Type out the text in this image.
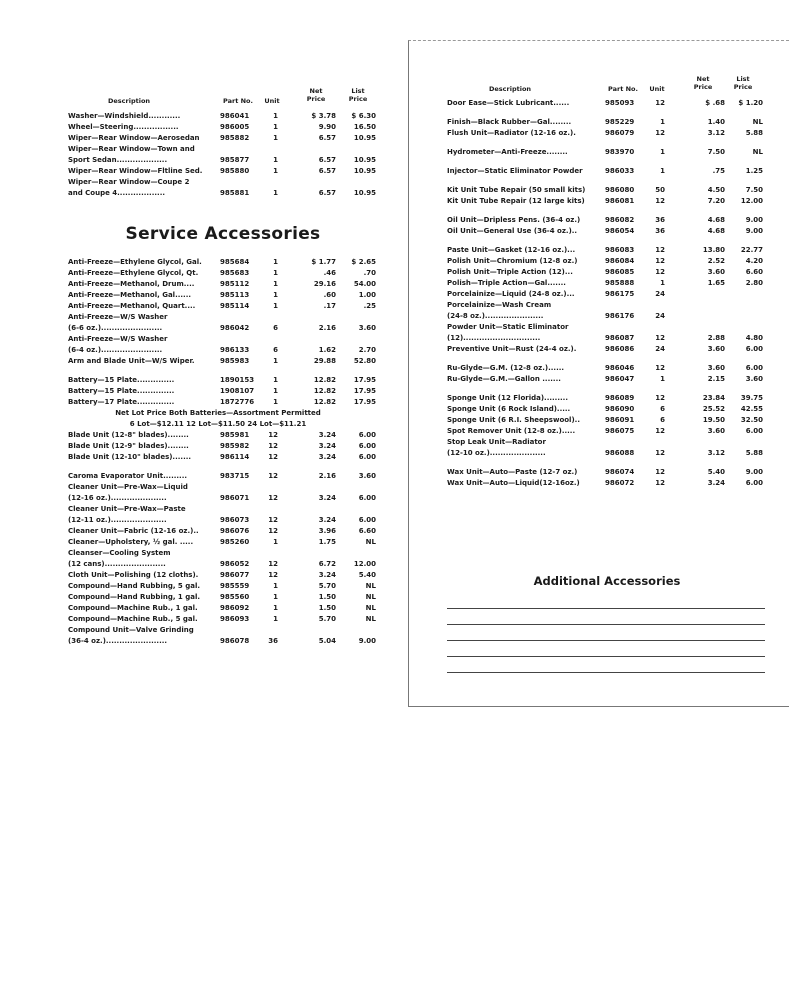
Description	Part No.	Unit
Net Price
List Price
Washer—Windshield............	986041	1	$ 3.78	$ 6.30
Wheel—Steering.................	986005	1	9.90	16.50
Wiper—Rear Window—Aerosedan	985882	1	6.57	10.95
Wiper—Rear Window—Town and
Sport Sedan...................	985877	1	6.57	10.95
Wiper—Rear Window—Fltline Sed.	985880	1	6.57	10.95
Wiper—Rear Window—Coupe 2
and Coupe 4..................	985881	1	6.57	10.95
Service Accessories
Anti-Freeze—Ethylene Glycol, Gal.	985684	1	$ 1.77	$ 2.65
Anti-Freeze—Ethylene Glycol, Qt.	985683	1	.46	.70
Anti-Freeze—Methanol, Drum....	985112	1	29.16	54.00
Anti-Freeze—Methanol, Gal......	985113	1	.60	1.00
Anti-Freeze—Methanol, Quart....	985114	1	.17	.25
Anti-Freeze—W/S Washer
(6-6 oz.).......................	986042	6	2.16	3.60
Anti-Freeze—W/S Washer
(6-4 oz.).......................	986133	6	1.62	2.70
Arm and Blade Unit—W/S Wiper.	985983	1	29.88	52.80
Battery—15 Plate..............	1890153	1	12.82	17.95
Battery—15 Plate..............	1908107	1	12.82	17.95
Battery—17 Plate..............	1872776	1	12.82	17.95
Net Lot Price Both Batteries—Assortment Permitted
6 Lot—$12.11 12 Lot—$11.50 24 Lot—$11.21
Blade Unit (12-8" blades)........	985981	12	3.24	6.00
Blade Unit (12-9" blades)........	985982	12	3.24	6.00
Blade Unit (12-10" blades).......	986114	12	3.24	6.00
Caroma Evaporator Unit.........	983715	12	2.16	3.60
Cleaner Unit—Pre-Wax—Liquid
(12-16 oz.).....................	986071	12	3.24	6.00
Cleaner Unit—Pre-Wax—Paste
(12-11 oz.).....................	986073	12	3.24	6.00
Cleaner Unit—Fabric (12-16 oz.)..	986076	12	3.96	6.60
Cleaner—Upholstery, ½ gal. .....	985260	1	1.75	NL
Cleanser—Cooling System
(12 cans).......................	986052	12	6.72	12.00
Cloth Unit—Polishing (12 cloths).	986077	12	3.24	5.40
Compound—Hand Rubbing, 5 gal.	985559	1	5.70	NL
Compound—Hand Rubbing, 1 gal.	985560	1	1.50	NL
Compound—Machine Rub., 1 gal.	986092	1	1.50	NL
Compound—Machine Rub., 5 gal.	986093	1	5.70	NL
Compound Unit—Valve Grinding
(36-4 oz.).......................	986078	36	5.04	9.00
Description	Part No.	Unit
Net Price
List Price
Door Ease—Stick Lubricant......	985093	12	$ .68	$ 1.20
Finish—Black Rubber—Gal........	985229	1	1.40	NL
Flush Unit—Radiator (12-16 oz.).	986079	12	3.12	5.88
Hydrometer—Anti-Freeze........	983970	1	7.50	NL
Injector—Static Eliminator Powder	986033	1	.75	1.25
Kit Unit Tube Repair (50 small kits)	986080	50	4.50	7.50
Kit Unit Tube Repair (12 large kits)	986081	12	7.20	12.00
Oil Unit—Dripless Pens. (36-4 oz.)	986082	36	4.68	9.00
Oil Unit—General Use (36-4 oz.)..	986054	36	4.68	9.00
Paste Unit—Gasket (12-16 oz.)...	986083	12	13.80	22.77
Polish Unit—Chromium (12-8 oz.)	986084	12	2.52	4.20
Polish Unit—Triple Action (12)...	986085	12	3.60	6.60
Polish—Triple Action—Gal.......	985888	1	1.65	2.80
Porcelainize—Liquid (24-8 oz.)...	986175	24
Porcelainize—Wash Cream
(24-8 oz.)......................	986176	24
Powder Unit—Static Eliminator
(12).............................	986087	12	2.88	4.80
Preventive Unit—Rust (24-4 oz.).	986086	24	3.60	6.00
Ru-Glyde—G.M. (12-8 oz.)......	986046	12	3.60	6.00
Ru-Glyde—G.M.—Gallon .......	986047	1	2.15	3.60
Sponge Unit (12 Florida).........	986089	12	23.84	39.75
Sponge Unit (6 Rock Island).....	986090	6	25.52	42.55
Sponge Unit (6 R.I. Sheepswool)..	986091	6	19.50	32.50
Spot Remover Unit (12-8 oz.).....	986075	12	3.60	6.00
Stop Leak Unit—Radiator
(12-10 oz.).....................	986088	12	3.12	5.88
Wax Unit—Auto—Paste (12-7 oz.)	986074	12	5.40	9.00
Wax Unit—Auto—Liquid(12-16oz.)	986072	12	3.24	6.00
Additional Accessories
